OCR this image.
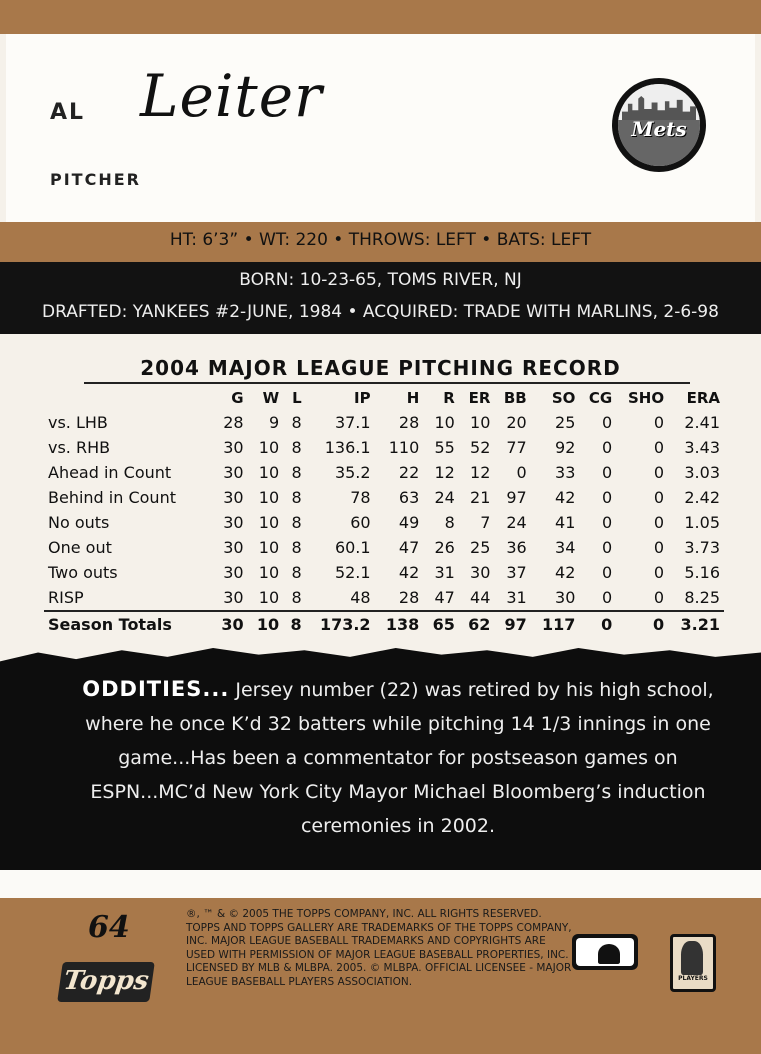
AL Leiter
PITCHER
Mets
HT: 6’3” • WT: 220 • THROWS: LEFT • BATS: LEFT
BORN: 10-23-65, TOMS RIVER, NJ
DRAFTED: YANKEES #2-JUNE, 1984 • ACQUIRED: TRADE WITH MARLINS, 2-6-98
2004 MAJOR LEAGUE PITCHING RECORD
	G	W	L	IP	H	R	ER	BB	SO	CG	SHO	ERA
vs. LHB	28	9	8	37.1	28	10	10	20	25	0	0	2.41
vs. RHB	30	10	8	136.1	110	55	52	77	92	0	0	3.43
Ahead in Count	30	10	8	35.2	22	12	12	0	33	0	0	3.03
Behind in Count	30	10	8	78	63	24	21	97	42	0	0	2.42
No outs	30	10	8	60	49	8	7	24	41	0	0	1.05
One out	30	10	8	60.1	47	26	25	36	34	0	0	3.73
Two outs	30	10	8	52.1	42	31	30	37	42	0	0	5.16
RISP	30	10	8	48	28	47	44	31	30	0	0	8.25
Season Totals	30	10	8	173.2	138	65	62	97	117	0	0	3.21
ODDITIES... Jersey number (22) was retired by his high school, where he once K’d 32 batters while pitching 14 1/3 innings in one game...Has been a commentator for postseason games on ESPN...MC’d New York City Mayor Michael Bloomberg’s induction ceremonies in 2002.
64
Topps
®, ™ & © 2005 THE TOPPS COMPANY, INC. ALL RIGHTS RESERVED. TOPPS AND TOPPS GALLERY ARE TRADEMARKS OF THE TOPPS COMPANY, INC. MAJOR LEAGUE BASEBALL TRADEMARKS AND COPYRIGHTS ARE USED WITH PERMISSION OF MAJOR LEAGUE BASEBALL PROPERTIES, INC. LICENSED BY MLB & MLBPA. 2005. © MLBPA. OFFICIAL LICENSEE - MAJOR LEAGUE BASEBALL PLAYERS ASSOCIATION.	PLAYERS
